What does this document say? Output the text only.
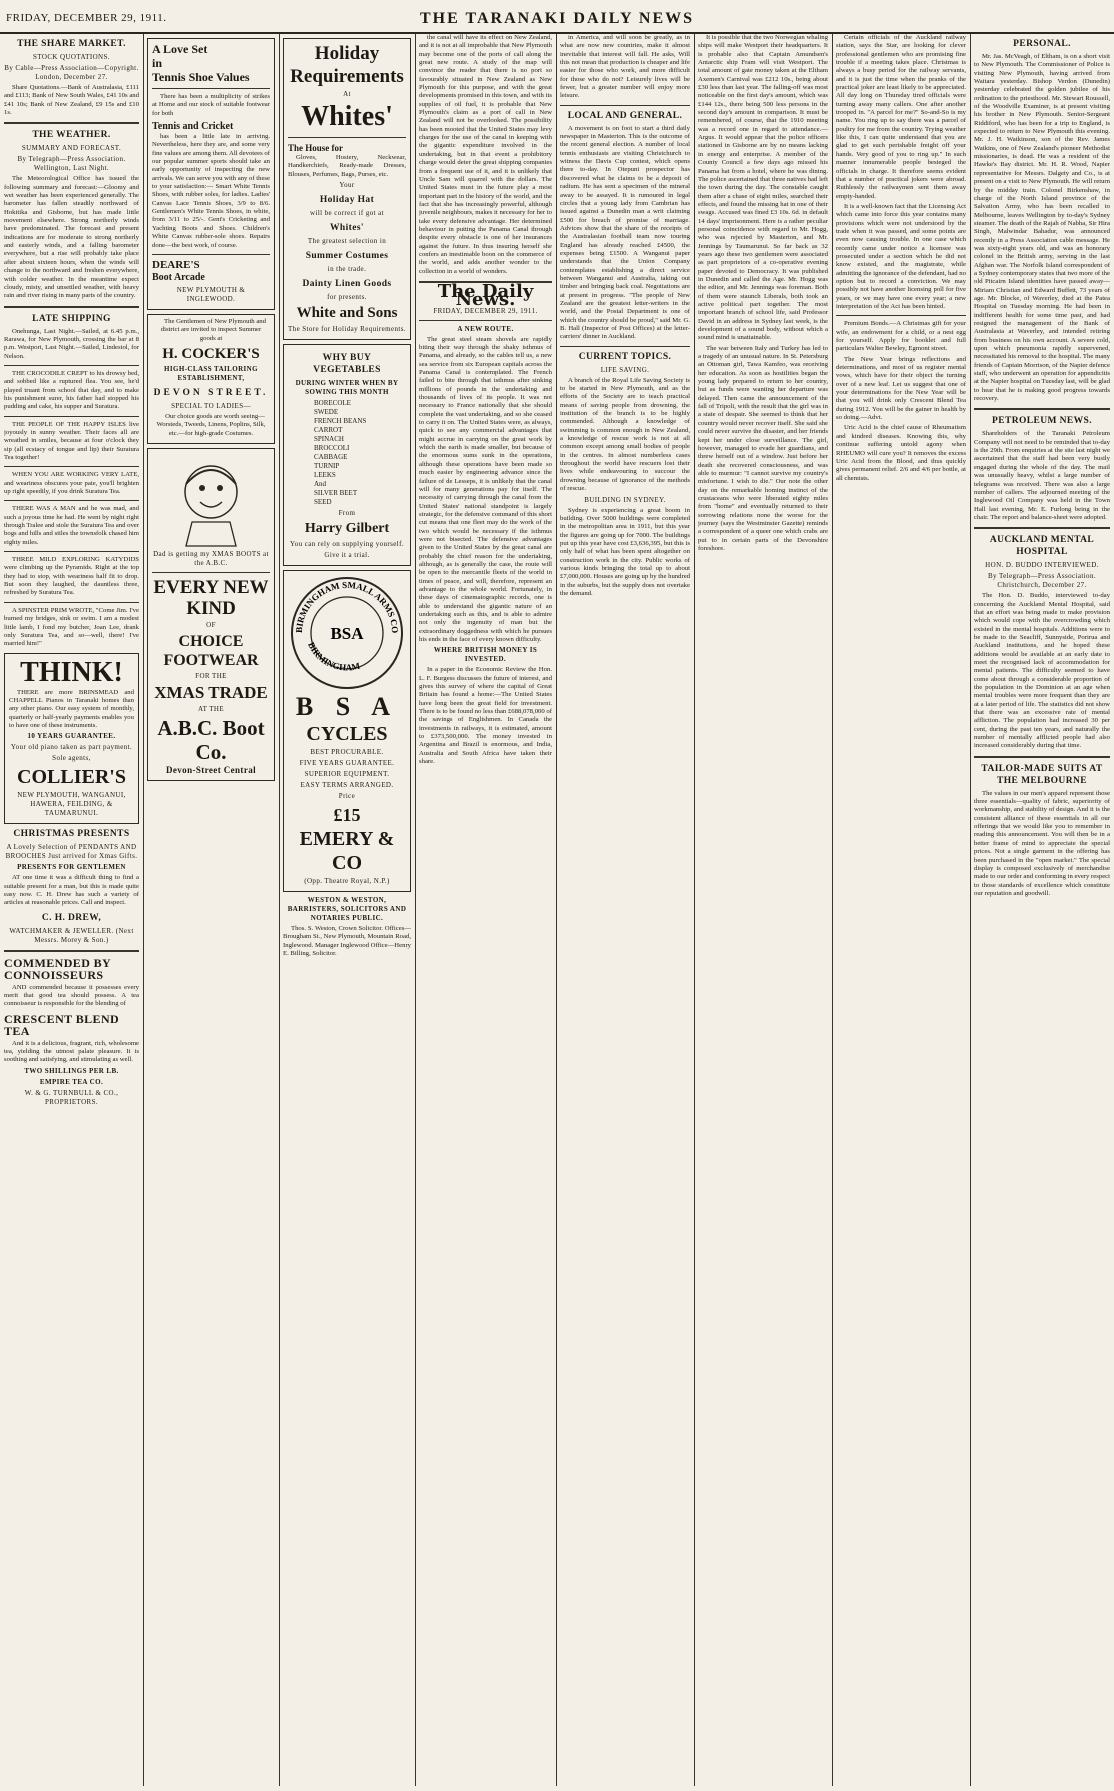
FRIDAY, DECEMBER 29, 1911.	THE TARANAKI DAILY NEWS
THE SHARE MARKET.
STOCK QUOTATIONS.
By Cable—Press Association—Copyright. London, December 27.

Share Quotations.—Bank of Australasia, £111 and £113; Bank of New South Wales, £41 10s and £41 10s; Bank of New Zealand, £9 15s and £10 1s.

THE WEATHER.
SUMMARY AND FORECAST.
By Telegraph—Press Association. Wellington, Last Night.

The Meteorological Office has issued the following summary and forecast:—Gloomy and wet weather has been experienced generally. The barometer has fallen steadily northward of Hokitika and Gisborne, but has made little movement elsewhere. Strong northerly winds have predominated. The forecast and present indications are for moderate to strong northerly and easterly winds, and a falling barometer everywhere, but a rise will probably take place after about sixteen hours, when the winds will change to the northward and freshen everywhere, with colder weather. In the meantime expect cloudy, misty, and unsettled weather, with heavy rain and river rising in many parts of the country.

LATE SHIPPING

Onehunga, Last Night.—Sailed, at 6.45 p.m., Rarawa, for New Plymouth, crossing the bar at 8 p.m. Westport, Last Night.—Sailed, Lindestol, for Nelson.

THE CROCODILE CREPT to his drowsy bed, and sobbed like a ruptured flea. You see, he'd played truant from school that day, and to make his punishment surer, his father had stopped his pudding and cake, his supper and Suratura.

THE PEOPLE OF THE HAPPY ISLES live joyously in sunny weather. Their faces all are wreathed in smiles, because at four o'clock they sip (all ecstacy of tongue and lip) their Suratura Tea together!

WHEN YOU ARE WORKING VERY LATE, and weariness obscures your pate, you'll brighten up right speedily, if you drink Suratura Tea.

THERE WAS A MAN and he was mad, and such a joyous time he had. He went by night right through Tralee and stole the Suratura Tea and over bogs and hills and stiles the townsfolk chased him eighty miles.

THREE MILD EXPLORING KATYDIDS were climbing up the Pyramids. Right at the top they had to stop, with weariness half fit to drop. But soon they laughed, the dauntless three, refreshed by Suratura Tea.

A SPINSTER PRIM WROTE, "Come Jim. I've burned my bridges, sink or swim. I am a modest little lamb, I fond my butcher, Joan Lee, drank only Suratura Tea, and so—well, there! I've married him!"

THINK!

THERE are more BRINSMEAD and CHAPPELL Pianos in Taranaki homes than any other piano. Our easy system of monthly, quarterly or half-yearly payments enables you to have one of these instruments.

10 YEARS GUARANTEE.
Your old piano taken as part payment.
Sole agents,
COLLIER'S
NEW PLYMOUTH, WANGANUI, HAWERA, FEILDING, & TAUMARUNUI.
CHRISTMAS PRESENTS
A Lovely Selection of PENDANTS AND BROOCHES Just arrived for Xmas Gifts.
PRESENTS FOR GENTLEMEN

AT one time it was a difficult thing to find a suitable present for a man, but this is made quite easy now. C. H. Drew has such a variety of articles at reasonable prices. Call and inspect.

C. H. DREW,
WATCHMAKER & JEWELLER. (Next Messrs. Morey & Son.)
COMMENDED BY CONNOISSEURS

AND commended because it possesses every merit that good tea should possess. A tea connoisseur is responsible for the blending of

CRESCENT BLEND TEA

And it is a delicious, fragrant, rich, wholesome tea, yielding the utmost palate pleasure. It is soothing and satisfying, and stimulating as well.

TWO SHILLINGS PER LB.
EMPIRE TEA CO.
W. & G. TURNBULL & CO., PROPRIETORS.
A Love Set
in
Tennis Shoe Values

There has been a multiplicity of strikes at Home and our stock of suitable footwear for both

Tennis and Cricket

has been a little late in arriving. Nevertheless, here they are, and some very fine values are among them. All devotees of our popular summer sports should take an early opportunity of inspecting the new arrivals. We can serve you with any of these to your satisfaction:— Smart White Tennis Shoes, with rubber soles, for ladies. Ladies' Canvas Lace Tennis Shoes, 3/9 to 8/6. Gentlemen's White Tennis Shoes, in white, from 3/11 to 25/-. Gent's Cricketing and Yachting Boots and Shoes. Children's White Canvas rubber-sole shoes. Repairs done—the best work, of course.

DEARE'S
Boot Arcade
NEW PLYMOUTH & INGLEWOOD.

The Gentlemen of New Plymouth and district are invited to inspect Summer goods at

H. COCKER'S
HIGH-CLASS TAILORING ESTABLISHMENT,
DEVON STREET.
SPECIAL TO LADIES—

Our choice goods are worth seeing—Worsteds, Tweeds, Linens, Poplins, Silk, etc.—for high-grade Costumes.

Dad is getting my XMAS BOOTS at the A.B.C.
EVERY NEW KIND
OF
CHOICE FOOTWEAR
FOR THE
XMAS TRADE
AT THE
A.B.C. Boot Co.
Devon-Street Central
Holiday Requirements
At
Whites'
The House for

Gloves, Hosiery, Neckwear, Handkerchiefs, Ready-made Dresses, Blouses, Perfumes, Bags, Purses, etc.

Your
Holiday Hat
will be correct if got at
Whites'
The greatest selection in
Summer Costumes
in the trade.
Dainty Linen Goods
for presents.
White and Sons
The Store for Holiday Requirements.
WHY BUY VEGETABLES
DURING WINTER WHEN BY SOWING THIS MONTH
BORECOLE
SWEDE
FRENCH BEANS
CARROT
SPINACH
BROCCOLI
CABBAGE
TURNIP
LEEKS
And
SILVER BEET
SEED
From
Harry Gilbert
You can rely on supplying yourself.
Give it a trial.
BIRMINGHAM SMALL ARMS CO
BIRMINGHAM
BSA
B S A
CYCLES
BEST PROCURABLE.
FIVE YEARS GUARANTEE.
SUPERIOR EQUIPMENT.
EASY TERMS ARRANGED.
Price
£15
EMERY & CO
(Opp. Theatre Royal, N.P.)
WESTON & WESTON, BARRISTERS, SOLICITORS AND NOTARIES PUBLIC.

Thos. S. Weston, Crown Solicitor. Offices—Brougham St., New Plymouth, Mountain Road, Inglewood. Manager Inglewood Office—Henry E. Billing, Solicitor.

the canal will have its effect on New Zealand, and it is not at all improbable that New Plymouth may become one of the ports of call along the great new route. A study of the map will convince the reader that there is no port so favourably situated in New Zealand as New Plymouth for this purpose, and with the great developments promised in this town, and with its supplies of oil fuel, it is probable that New Plymouth's claim as a port of call in New Zealand will not be overlooked. The possibility has been mooted that the United States may levy charges for the use of the canal in keeping with the gigantic expenditure involved in the undertaking, but in that event a prohibitory charge would deter the great shipping companies from a frequent use of it, and it is unlikely that Uncle Sam will quarrel with the dollars. The United States must in the future play a most important part in the history of the world, and the fact that she has increasingly powerful, although juvenile neighbours, makes it necessary for her to take every defensive advantage. Her determined behaviour in putting the Panama Canal through despite every obstacle is one of her insurances against the future. In thus insuring herself she confers an inestimable boon on the commerce of the world, and adds another wonder to the collection in a world of wonders.

The Daily News.
FRIDAY, DECEMBER 29, 1911.
A NEW ROUTE.

The great steel steam shovels are rapidly biting their way through the shaky isthmus of Panama, and already, so the cables tell us, a new sea service from six European capitals across the Panama Canal is contemplated. The French failed to bite through that isthmus after sinking millions of pounds in the undertaking and thousands of lives of its people. It was not necessary to France nationally that she should complete the vast undertaking, and so she ceased to carry it on. The United States were, as always, quick to see any commercial advantages that might accrue in carrying on the great work by which the earth is made smaller, but because of the enormous sums sunk in the operations, although these operations have been made so much easier by engineering advance since the failure of de Lesseps, it is unlikely that the canal will for many generations pay for itself. The necessity of carrying through the canal from the United States' national standpoint is largely strategic, for the defensive command of this short cut means that one fleet may do the work of the two which would be necessary if the isthmus were not bisected. The defensive advantages given to the United States by the great canal are probably the chief reason for the undertaking, although, as is generally the case, the route will be open to the mercantile fleets of the world in times of peace, and will, therefore, represent an advantage to the whole world. Fortunately, in these days of cinematographic records, one is able to understand the gigantic nature of an undertaking such as this, and is able to admire not only the ingenuity of man but the extraordinary doggedness with which he pursues his ends in the face of every known difficulty.

WHERE BRITISH MONEY IS INVESTED.

In a paper in the Economic Review the Hon. L. F. Burgess discusses the future of interest, and gives this survey of where the capital of Great Britain has found a home:—The United States have long been the great field for investment. There is to be found no less than £688,078,000 of the savings of Englishmen. In Canada the investments in railways, it is estimated, amount to £373,500,000. The money invested in Argentina and Brazil is enormous, and India, Australia and South Africa have taken their share.

in America, and will soon be greatly, as in what are now new countries, make it almost inevitable that interest will fall. He asks, Will this not mean that production is cheaper and life easier for those who work, and more difficult for those who do not? Leisurely lives will be fewer, but a greater number will enjoy more leisure.

LOCAL AND GENERAL.

A movement is on foot to start a third daily newspaper in Masterton. This is the outcome of the recent general election. A number of local tennis enthusiasts are visiting Christchurch to witness the Davis Cup contest, which opens there to-day. In Otepuni prospector has discovered what he claims to be a deposit of radium. He has sent a specimen of the mineral away to be assayed. It is rumoured in legal circles that a young lady from Cambrian has issued against a Dunedin man a writ claiming £500 for breach of promise of marriage. Advices show that the share of the receipts of the Australasian football team now touring England has already reached £4500, the expenses being £1500. A Wanganui paper understands that the Union Company contemplates establishing a direct service between Wanganui and Australia, taking out timber and bringing back coal. Negotiations are at present in progress. "The people of New Zealand are the greatest letter-writers in the world, and the Postal Department is one of which the country should be proud," said Mr. G. B. Hall (Inspector of Post Offices) at the letter-carriers' dinner in Auckland.

CURRENT TOPICS.
LIFE SAVING.

A branch of the Royal Life Saving Society is to be started in New Plymouth, and as the efforts of the Society are to teach practical means of saving people from drowning, the institution of the branch is to be highly commended. Although a knowledge of swimming is common enough in New Zealand, a knowledge of rescue work is not at all common except among small bodies of people in the centres. In almost numberless cases throughout the world have rescuers lost their lives while endeavouring to succour the drowning because of ignorance of the methods of rescue.

BUILDING IN SYDNEY.

Sydney is experiencing a great boom in building. Over 5000 buildings were completed in the metropolitan area in 1911, but this year the figures are going up for 7000. The buildings put up this year have cost £3,636,395, but this is only half of what has been spent altogether on construction work in the city. Public works of various kinds bringing the total up to about £7,000,000. Houses are going up by the hundred in the suburbs, but the supply does not overtake the demand.

It is possible that the two Norwegian whaling ships will make Westport their headquarters. It is probable also that Captain Amundsen's Antarctic ship Fram will visit Westport. The total amount of gate money taken at the Eltham Axemen's Carnival was £212 10s., being about £30 less than last year. The falling-off was most noticeable on the first day's amount, which was £144 12s., there being 500 less persons in the second day's amount in comparison. It must be remembered, of course, that the 1910 meeting was a record one in regard to attendance.—Argus. It would appear that the police officers stationed in Gisborne are by no means lacking in energy and enterprise. A member of the County Council a few days ago missed his Panama hat from a hotel, where he was dining. The police ascertained that three natives had left the town during the day. The constable caught them after a chase of eight miles, searched their effects, and found the missing hat in one of their swags. Accused was fined £3 10s. 6d. in default 14 days' imprisonment. Here is a rather peculiar personal coincidence with regard to Mr. Hogg, who was rejected by Masterton, and Mr. Jennings by Taumarunui. So far back as 32 years ago these two gentlemen were associated as part proprietors of a co-operative evening paper devoted to Democracy. It was published in Dunedin and called the Age. Mr. Hogg was the editor, and Mr. Jennings was foreman. Both of them were staunch Liberals, both took an active political part together. The most important branch of school life, said Professor David in an address in Sydney last week, is the development of a sound body, without which a sound mind is unattainable.

The war between Italy and Turkey has led to a tragedy of an unusual nature. In St. Petersburg an Ottoman girl, Tawa Kamfeo, was receiving her education. As soon as hostilities began the young lady prepared to return to her country, but as funds were wanting her departure was delayed. Then came the announcement of the fall of Tripoli, with the result that the girl was in a state of despair. She seemed to think that her country would never recover itself. She said she could never survive the disaster, and her friends kept her under close surveillance. The girl, however, managed to evade her guardians, and threw herself out of a window. Just before her death she recovered consciousness, and was able to murmur: "I cannot survive my country's misfortune. I wish to die." Our note the other day on the remarkable homing instinct of the crustaceans who were liberated eighty miles from "home" and eventually returned to their sorrowing relations none the worse for the journey (says the Westminster Gazette) reminds a correspondent of a queer one which crabs are put to in certain parts of the Devonshire foreshore.

Certain officials of the Auckland railway station, says the Star, are looking for clever professional gentlemen who are promising fine trouble if a meeting takes place. Christmas is always a busy period for the railway servants, and it is just the time when the pranks of the practical joker are least likely to be appreciated. All day long on Thursday tired officials were turning away many callers. One after another trooped in. "A parcel for me?" So-and-So is my name. You ring up to say there was a parcel of poultry for me from the country. Trying weather like this, I can quite understand that you are glad to get such perishable freight off your hands. Very good of you to ring up." In such manner innumerable people besieged the officials in charge. It therefore seems evident that a number of practical jokers were abroad. Ruthlessly the railwaymen sent them away empty-handed.

It is a well-known fact that the Licensing Act which came into force this year contains many provisions which were not understood by the trade when it was passed, and some points are even now causing trouble. In one case which recently came under notice a licensee was prosecuted under a section which he did not know existed, and the magistrate, while admitting the ignorance of the defendant, had no option but to record a conviction. We may possibly not have another licensing poll for five years, or we may have one every year; a new interpretation of the Act has been hinted.

Premium Bonds.—A Christmas gift for your wife, an endowment for a child, or a nest egg for yourself. Apply for booklet and full particulars Walter Bewley, Egmont street.

The New Year brings reflections and determinations, and most of us register mental vows, which have for their object the turning over of a new leaf. Let us suggest that one of your determinations for the New Year will be that you will drink only Crescent Blend Tea during 1912. You will be the gainer in health by so doing.—Advt.

Uric Acid is the chief cause of Rheumatism and kindred diseases. Knowing this, why continue suffering untold agony when RHEUMO will cure you? It removes the excess Uric Acid from the Blood, and thus quickly gives permanent relief. 2/6 and 4/6 per bottle, at all chemists.

PERSONAL.

Mr. Jas. McVeagh, of Eltham, is on a short visit to New Plymouth. The Commissioner of Police is visiting New Plymouth, having arrived from Waitara yesterday. Bishop Verdon (Dunedin) yesterday celebrated the golden jubilee of his ordination to the priesthood. Mr. Stewart Roussell, of the Woodville Examiner, is at present visiting his brother in New Plymouth. Senior-Sergeant Riddiford, who has been for a trip to England, is expected to return to New Plymouth this evening. Mr. J. H. Watkinson, son of the Rev. James Watkins, one of New Zealand's pioneer Methodist missionaries, is dead. He was a resident of the Hawke's Bay district. Mr. H. R. Wood, Napier representative for Messrs. Dalgety and Co., is at present on a visit to New Plymouth. He will return by the midday train. Colonel Birkenshaw, in charge of the North Island province of the Salvation Army, who has been recalled to Melbourne, leaves Wellington by to-day's Sydney steamer. The death of the Rajah of Nabha, Sir Hira Singh, Malwindar Bahadur, was announced recently in a Press Association cable message. He was sixty-eight years old, and was an honorary colonel in the British army, serving in the last Afghan war. The Norfolk Island correspondent of a Sydney contemporary states that two more of the old Pitcairn Island identities have passed away—Miriam Christian and Edward Buffett, 73 years of age. Mr. Blocke, of Waverley, died at the Patea Hospital on Tuesday morning. He had been in indifferent health for some time past, and had resigned the management of the Bank of Australasia at Waverley, and intended retiring from business on his own account. A severe cold, upon which pneumonia rapidly supervened, necessitated his removal to the hospital. The many friends of Captain Morrison, of the Napier defence staff, who underwent an operation for appendicitis at the Napier hospital on Tuesday last, will be glad to hear that he is making good progress towards recovery.

PETROLEUM NEWS.

Shareholders of the Taranaki Petroleum Company will not need to be reminded that to-day is the 29th. From enquiries at the site last night we ascertained that the staff had been very busily engaged during the whole of the day. The mail was unusually heavy, whilst a large number of telegrams was received. There was also a large number of callers. The adjourned meeting of the Inglewood Oil Company was held in the Town Hall last evening, Mr. E. Furlong being in the chair. The report and balance-sheet were adopted.

AUCKLAND MENTAL HOSPITAL
HON. D. BUDDO INTERVIEWED.
By Telegraph—Press Association. Christchurch, December 27.

The Hon. D. Buddo, interviewed to-day concerning the Auckland Mental Hospital, said that an effort was being made to make provision which would cope with the overcrowding which existed in the mental hospitals. Additions were to be made to the Seacliff, Sunnyside, Porirua and Auckland institutions, and he hoped these additions would be available at an early date to meet the recognised lack of accommodation for mental patients. The difficulty seemed to have come about through a considerable proportion of the population in the Dominion at an age when mental troubles were more frequent than they are at a later period of life. The statistics did not show that there was an excessive rate of mental affliction. The population had increased 30 per cent, during the past ten years, and naturally the number of mentally afflicted people had also increased considerably during that time.

TAILOR-MADE SUITS AT THE MELBOURNE

The values in our men's apparel represent those three essentials—quality of fabric, superiority of workmanship, and stability of design. And it is the consistent alliance of these essentials in all our offerings that we would like you to remember in reading this announcement. You will then be in a better frame of mind to appreciate the special prices. Not a single garment in the offering has been purchased in the "open market." The special display is composed exclusively of merchandise made to our order and conforming in every respect to those standards of excellence which constitute our reputation and goodwill.
